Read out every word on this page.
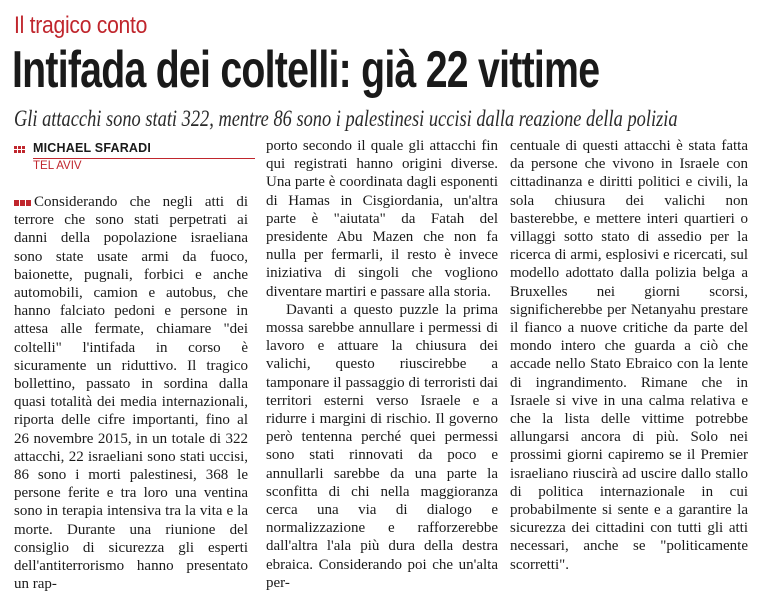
Il tragico conto
Intifada dei coltelli: già 22 vittime
Gli attacchi sono stati 322, mentre 86 sono i palestinesi uccisi dalla reazione della polizia
MICHAEL SFARADI
TEL AVIV

Considerando che negli atti di terrore che sono stati perpetrati ai danni della popolazione israeliana sono state usate armi da fuoco, baionette, pugnali, forbici e anche automobili, camion e autobus, che hanno falciato pedoni e persone in attesa alle fermate, chiamare "dei coltelli" l'intifada in corso è sicuramente un riduttivo. Il tragico bollettino, passato in sordina dalla quasi totalità dei media internazionali, riporta delle cifre importanti, fino al 26 novembre 2015, in un totale di 322 attacchi, 22 israeliani sono stati uccisi, 86 sono i morti palestinesi, 368 le persone ferite e tra loro una ventina sono in terapia intensiva tra la vita e la morte. Durante una riunione del consiglio di sicurezza gli esperti dell'antiterrorismo hanno presentato un rap-

porto secondo il quale gli attacchi fin qui registrati hanno origini diverse. Una parte è coordinata dagli esponenti di Hamas in Cisgiordania, un'altra parte è "aiutata" da Fatah del presidente Abu Mazen che non fa nulla per fermarli, il resto è invece iniziativa di singoli che vogliono diventare martiri e passare alla storia.
Davanti a questo puzzle la prima mossa sarebbe annullare i permessi di lavoro e attuare la chiusura dei valichi, questo riuscirebbe a tamponare il passaggio di terroristi dai territori esterni verso Israele e a ridurre i margini di rischio. Il governo però tentenna perché quei permessi sono stati rinnovati da poco e annullarli sarebbe da una parte la sconfitta di chi nella maggioranza cerca una via di dialogo e normalizzazione e rafforzerebbe dall'altra l'ala più dura della destra ebraica. Considerando poi che un'alta per-

centuale di questi attacchi è stata fatta da persone che vivono in Israele con cittadinanza e diritti politici e civili, la sola chiusura dei valichi non basterebbe, e mettere interi quartieri o villaggi sotto stato di assedio per la ricerca di armi, esplosivi e ricercati, sul modello adottato dalla polizia belga a Bruxelles nei giorni scorsi, significherebbe per Netanyahu prestare il fianco a nuove critiche da parte del mondo intero che guarda a ciò che accade nello Stato Ebraico con la lente di ingrandimento. Rimane che in Israele si vive in una calma relativa e che la lista delle vittime potrebbe allungarsi ancora di più. Solo nei prossimi giorni capiremo se il Premier israeliano riuscirà ad uscire dallo stallo di politica internazionale in cui probabilmente si sente e a garantire la sicurezza dei cittadini con tutti gli atti necessari, anche se "politicamente scorretti".
